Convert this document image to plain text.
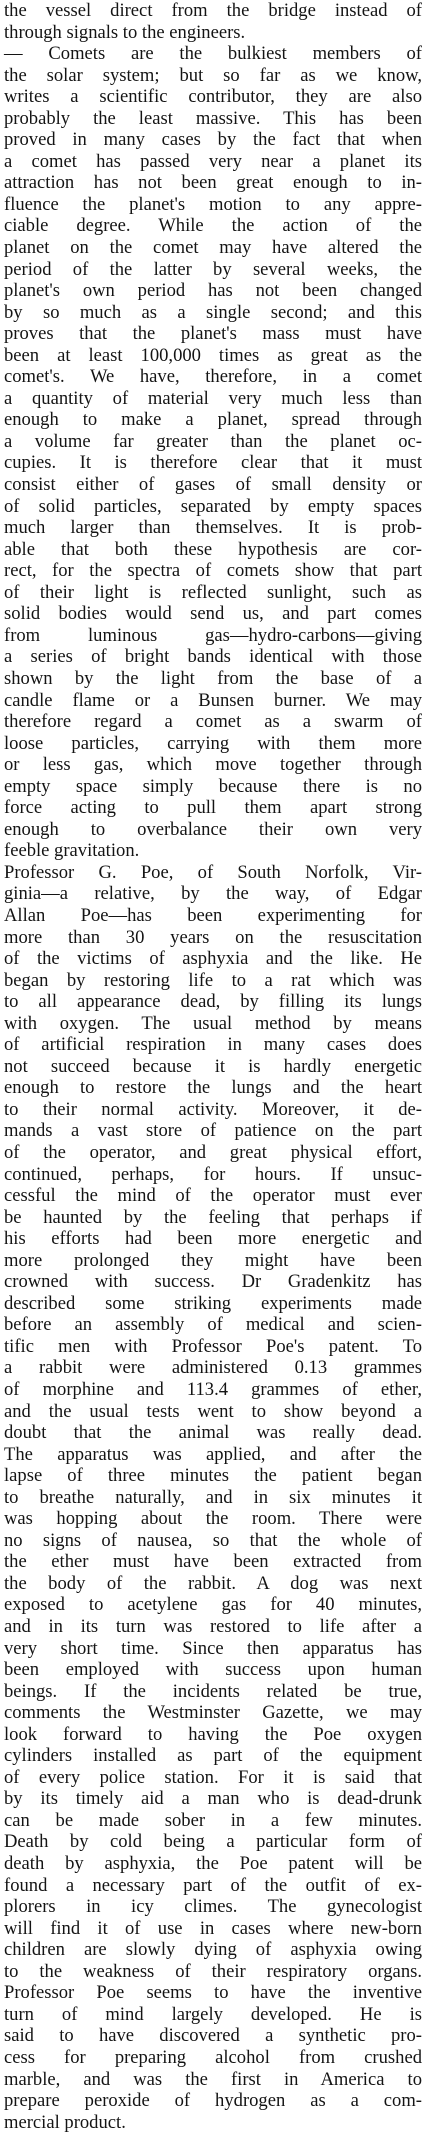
the vessel direct from the bridge instead of
through signals to the engineers.
— Comets are the bulkiest members of
the solar system; but so far as we know,
writes a scientific contributor, they are also
probably the least massive. This has been
proved in many cases by the fact that when
a comet has passed very near a planet its
attraction has not been great enough to in-
fluence the planet's motion to any appre-
ciable degree. While the action of the
planet on the comet may have altered the
period of the latter by several weeks, the
planet's own period has not been changed
by so much as a single second; and this
proves that the planet's mass must have
been at least 100,000 times as great as the
comet's. We have, therefore, in a comet
a quantity of material very much less than
enough to make a planet, spread through
a volume far greater than the planet oc-
cupies. It is therefore clear that it must
consist either of gases of small density or
of solid particles, separated by empty spaces
much larger than themselves. It is prob-
able that both these hypothesis are cor-
rect, for the spectra of comets show that part
of their light is reflected sunlight, such as
solid bodies would send us, and part comes
from luminous gas—hydro-carbons—giving
a series of bright bands identical with those
shown by the light from the base of a
candle flame or a Bunsen burner. We may
therefore regard a comet as a swarm of
loose particles, carrying with them more
or less gas, which move together through
empty space simply because there is no
force acting to pull them apart strong
enough to overbalance their own very
feeble gravitation.
Professor G. Poe, of South Norfolk, Vir-
ginia—a relative, by the way, of Edgar
Allan Poe—has been experimenting for
more than 30 years on the resuscitation
of the victims of asphyxia and the like. He
began by restoring life to a rat which was
to all appearance dead, by filling its lungs
with oxygen. The usual method by means
of artificial respiration in many cases does
not succeed because it is hardly energetic
enough to restore the lungs and the heart
to their normal activity. Moreover, it de-
mands a vast store of patience on the part
of the operator, and great physical effort,
continued, perhaps, for hours. If unsuc-
cessful the mind of the operator must ever
be haunted by the feeling that perhaps if
his efforts had been more energetic and
more prolonged they might have been
crowned with success. Dr Gradenkitz has
described some striking experiments made
before an assembly of medical and scien-
tific men with Professor Poe's patent. To
a rabbit were administered 0.13 grammes
of morphine and 113.4 grammes of ether,
and the usual tests went to show beyond a
doubt that the animal was really dead.
The apparatus was applied, and after the
lapse of three minutes the patient began
to breathe naturally, and in six minutes it
was hopping about the room. There were
no signs of nausea, so that the whole of
the ether must have been extracted from
the body of the rabbit. A dog was next
exposed to acetylene gas for 40 minutes,
and in its turn was restored to life after a
very short time. Since then apparatus has
been employed with success upon human
beings. If the incidents related be true,
comments the Westminster Gazette, we may
look forward to having the Poe oxygen
cylinders installed as part of the equipment
of every police station. For it is said that
by its timely aid a man who is dead-drunk
can be made sober in a few minutes.
Death by cold being a particular form of
death by asphyxia, the Poe patent will be
found a necessary part of the outfit of ex-
plorers in icy climes. The gynecologist
will find it of use in cases where new-born
children are slowly dying of asphyxia owing
to the weakness of their respiratory organs.
Professor Poe seems to have the inventive
turn of mind largely developed. He is
said to have discovered a synthetic pro-
cess for preparing alcohol from crushed
marble, and was the first in America to
prepare peroxide of hydrogen as a com-
mercial product.
